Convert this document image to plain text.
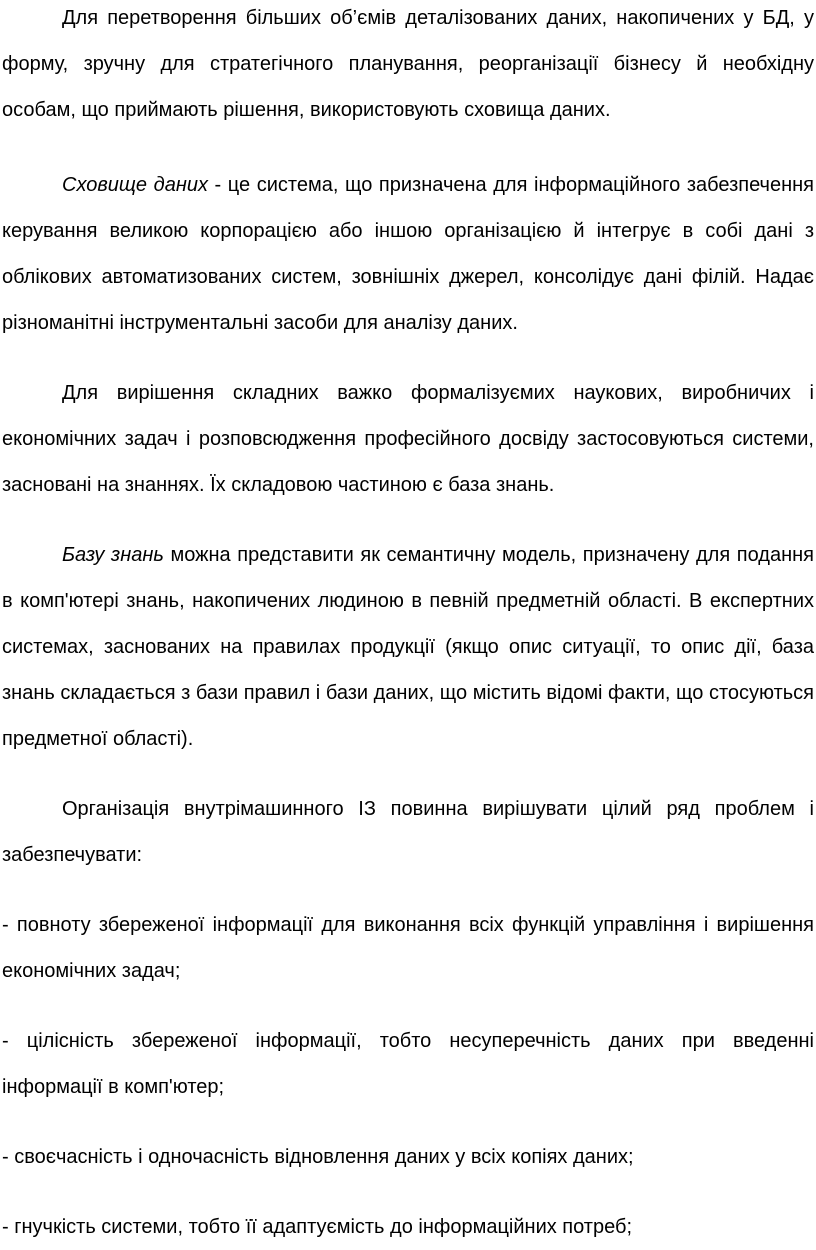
Для перетворення більших об’ємів деталізованих даних, накопичених у БД, у форму, зручну для стратегічного планування, реорганізації бізнесу й необхідну особам, що приймають рішення, використовують сховища даних.

Сховище даних - це система, що призначена для інформаційного забезпечення керування великою корпорацією або іншою організацією й інтегрує в собі дані з облікових автоматизованих систем, зовнішніх джерел, консолідує дані філій. Надає різноманітні інструментальні засоби для аналізу даних.

Для вирішення складних важко формалізуємих наукових, виробничих і економічних задач і розповсюдження професійного досвіду застосовуються системи, засновані на знаннях. Їх складовою частиною є база знань.

Базу знань можна представити як семантичну модель, призначену для подання в комп'ютері знань, накопичених людиною в певній предметній області. В експертних системах, заснованих на правилах продукції (якщо опис ситуації, то опис дії, база знань складається з бази правил і бази даних, що містить відомі факти, що стосуються предметної області).

Організація внутрімашинного ІЗ повинна вирішувати цілий ряд проблем і забезпечувати:

- повноту збереженої інформації для виконання всіх функцій управління і вирішення економічних задач;

- цілісність збереженої інформації, тобто несуперечність даних при введенні інформації в комп'ютер;

- своєчасність і одночасність відновлення даних у всіх копіях даних;

- гнучкість системи, тобто її адаптуємість до інформаційних потреб;
